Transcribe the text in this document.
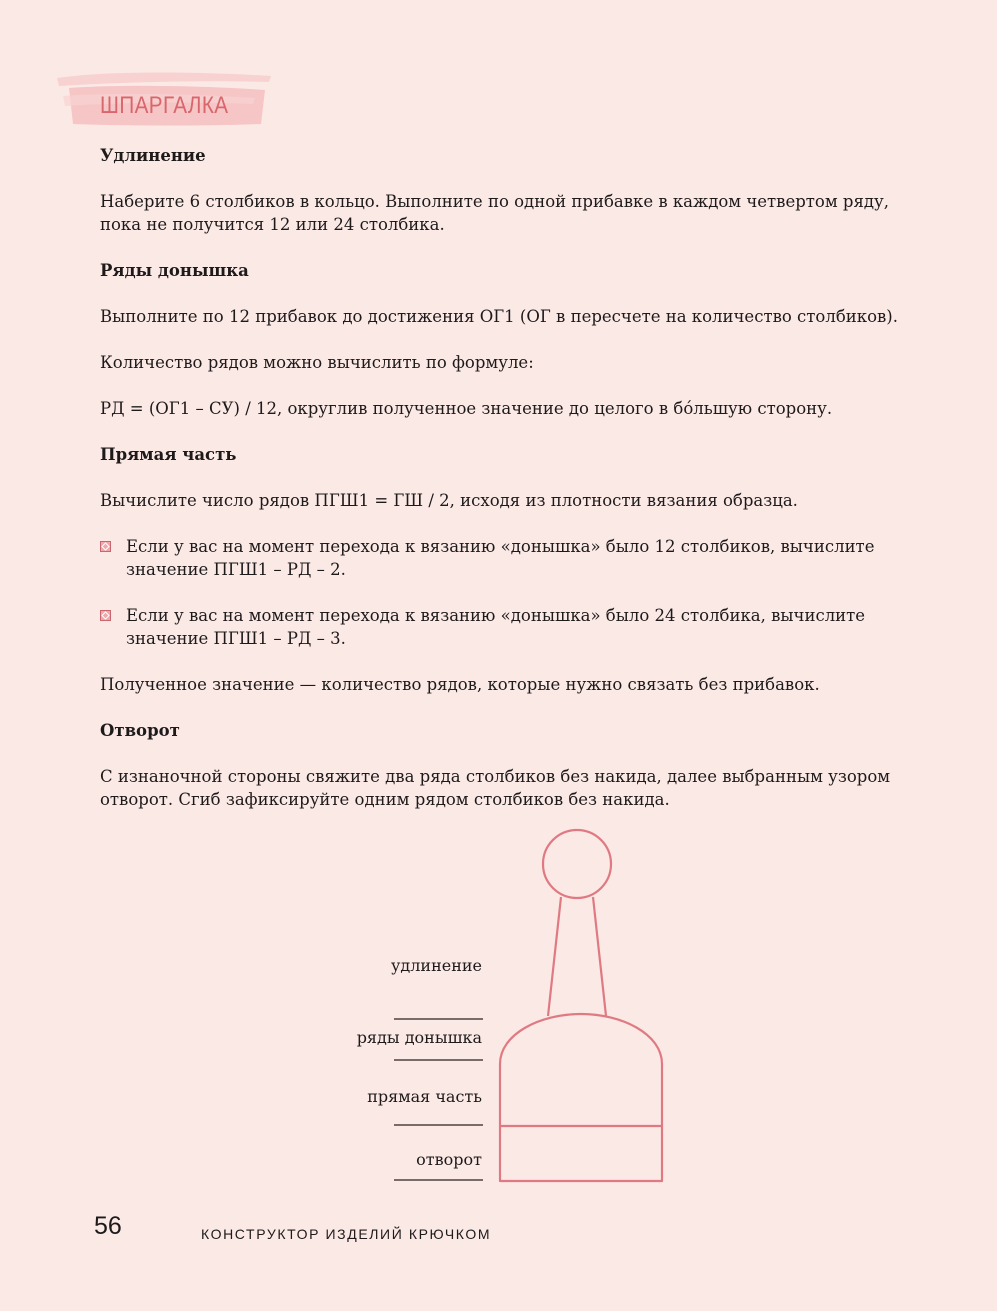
ШПАРГАЛКА

Удлинение

Наберите 6 столбиков в кольцо. Выполните по одной прибавке в каждом четвертом ряду, пока не получится 12 или 24 столбика.

Ряды донышка

Выполните по 12 прибавок до достижения ОГ1 (ОГ в пересчете на количество столбиков).

Количество рядов можно вычислить по формуле:

РД = (ОГ1 – СУ) / 12, округлив полученное значение до целого в бóльшую сторону.

Прямая часть

Вычислите число рядов ПГШ1 = ГШ / 2, исходя из плотности вязания образца.

Если у вас на момент перехода к вязанию «донышка» было 12 столбиков, вычислите значение ПГШ1 – РД – 2.

Если у вас на момент перехода к вязанию «донышка» было 24 столбика, вычислите значение ПГШ1 – РД – 3.

Полученное значение — количество рядов, которые нужно связать без прибавок.

Отворот

С изнаночной стороны свяжите два ряда столбиков без накида, далее выбранным узором отворот. Сгиб зафиксируйте одним рядом столбиков без накида.

удлинение
ряды донышка
прямая часть
отворот
56	КОНСТРУКТОР ИЗДЕЛИЙ КРЮЧКОМ
